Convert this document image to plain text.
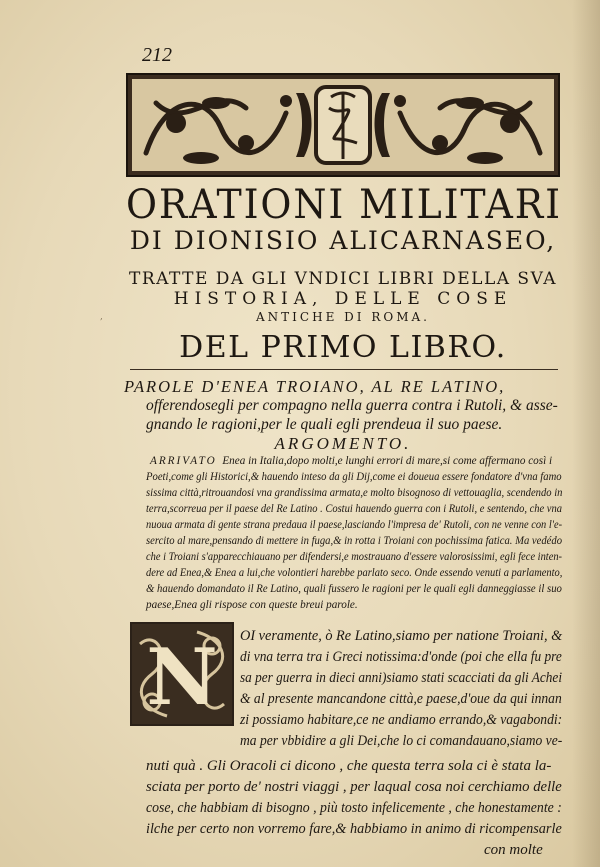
212
,
ORATIONI MILITARI
DI DIONISIO ALICARNASEO,
TRATTE DA GLI VNDICI LIBRI DELLA SVA
HISTORIA, DELLE COSE
ANTICHE DI ROMA.
DEL PRIMO LIBRO.
PAROLE D'ENEA TROIANO, AL RE LATINO,
offerendosegli per compagno nella guerra contra i Rutoli, & asse-
gnando le ragioni,per le quali egli prendeua il suo paese.
ARGOMENTO.
ARRIVATO Enea in Italia,dopo molti,e lunghi errori di mare,si come affermano così i
Poeti,come gli Historici,& hauendo inteso da gli Dij,come ei doueua essere fondatore d'vna famo
sissima città,ritrouandosi vna grandissima armata,e molto bisognoso di vettouaglia, scendendo in
terra,scorreua per il paese del Re Latino . Costui hauendo guerra con i Rutoli, e sentendo, che vna
nuoua armata di gente strana predaua il paese,lasciando l'impresa de' Rutoli, con ne venne con l'e-
sercito al mare,pensando di mettere in fuga,& in rotta i Troiani con pochissima fatica. Ma vedédo
che i Troiani s'apparecchiauano per difendersi,e mostrauano d'essere valorosissimi, egli fece inten-
dere ad Enea,& Enea a lui,che volontieri harebbe parlato seco. Onde essendo venuti a parlamento,
& hauendo domandato il Re Latino, quali fussero le ragioni per le quali egli danneggiasse il suo
paese,Enea gli rispose con queste breui parole.
N OI veramente, ò Re Latino,siamo per natione Troiani, &
di vna terra tra i Greci notissima:d'onde (poi che ella fu pre
sa per guerra in dieci anni)siamo stati scacciati da gli Achei
& al presente mancandone città,e paese,d'oue da qui innan
zi possiamo habitare,ce ne andiamo errando,& vagabondi:
ma per vbbidire a gli Dei,che lo ci comandauano,siamo ve-
nuti quà . Gli Oracoli ci dicono , che questa terra sola ci è stata la-
sciata per porto de' nostri viaggi , per laqual cosa noi cerchiamo delle
cose, che habbiam di bisogno , più tosto infelicemente , che honestamente :
ilche per certo non vorremo fare,& habbiamo in animo di ricompensarle
con molte
